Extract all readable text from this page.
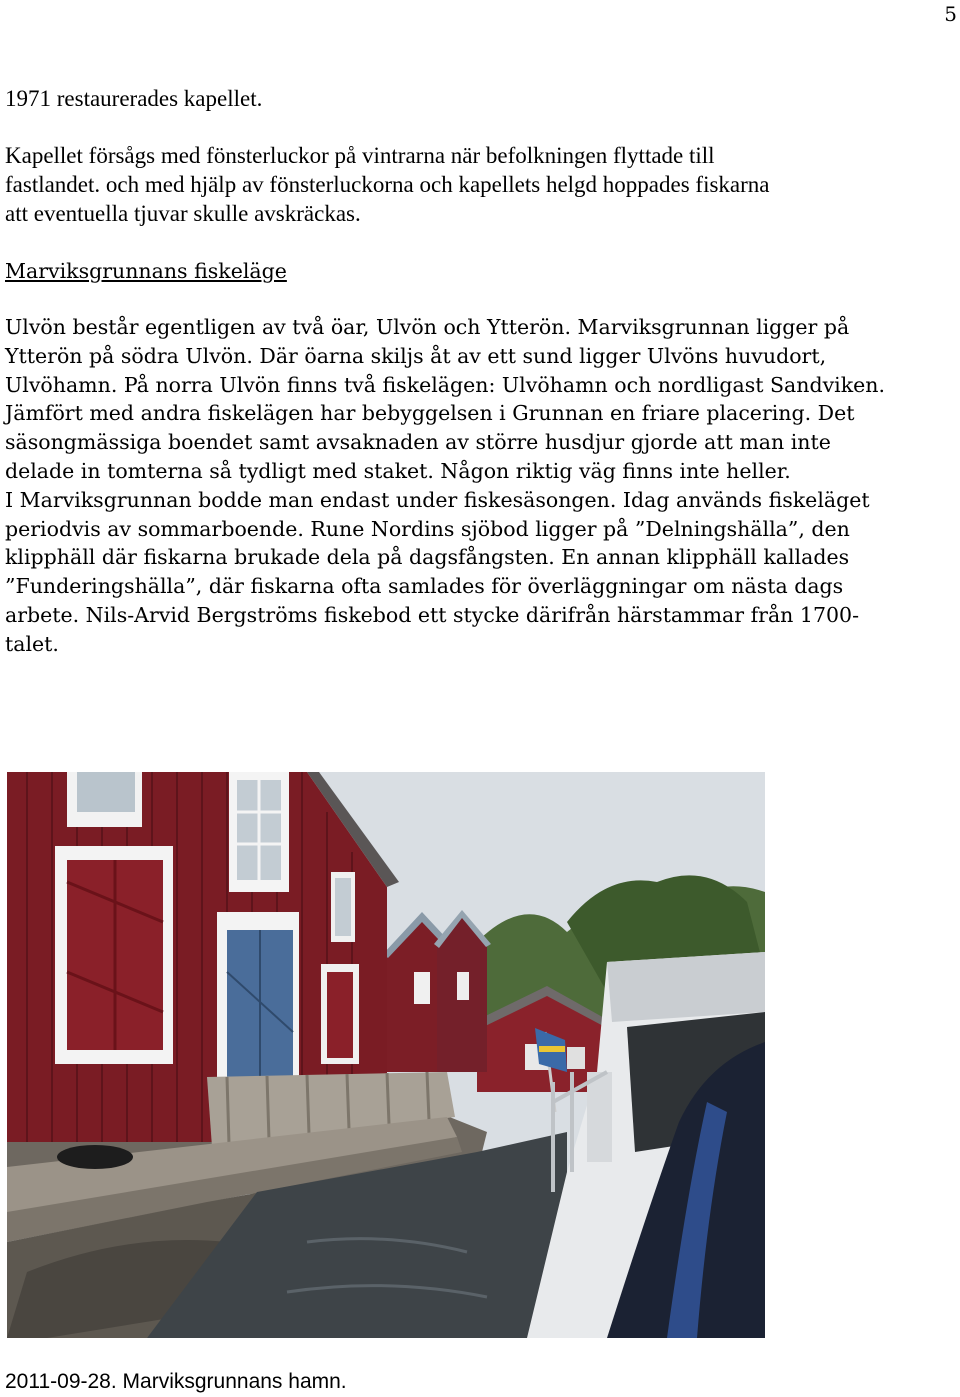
5
1971 restaurerades kapellet.
Kapellet försågs med fönsterluckor på vintrarna när befolkningen flyttade till
fastlandet. och med hjälp av fönsterluckorna och kapellets helgd hoppades fiskarna
att eventuella tjuvar skulle avskräckas.
Marviksgrunnans fiskeläge
Ulvön består egentligen av två öar, Ulvön och Ytterön. Marviksgrunnan ligger på
Ytterön på södra Ulvön. Där öarna skiljs åt av ett sund ligger Ulvöns huvudort,
Ulvöhamn. På norra Ulvön finns två fiskelägen: Ulvöhamn och nordligast Sandviken.
Jämfört med andra fiskelägen har bebyggelsen i Grunnan en friare placering. Det
säsongmässiga boendet samt avsaknaden av större husdjur gjorde att man inte
delade in tomterna så tydligt med staket. Någon riktig väg finns inte heller.
I Marviksgrunnan bodde man endast under fiskesäsongen. Idag används fiskeläget
periodvis av sommarboende. Rune Nordins sjöbod ligger på ”Delningshälla”, den
klipphäll där fiskarna brukade dela på dagsfångsten. En annan klipphäll kallades
”Funderingshälla”, där fiskarna ofta samlades för överläggningar om nästa dags
arbete. Nils-Arvid Bergströms fiskebod ett stycke därifrån härstammar från 1700-
talet.
2011-09-28. Marviksgrunnans hamn.
